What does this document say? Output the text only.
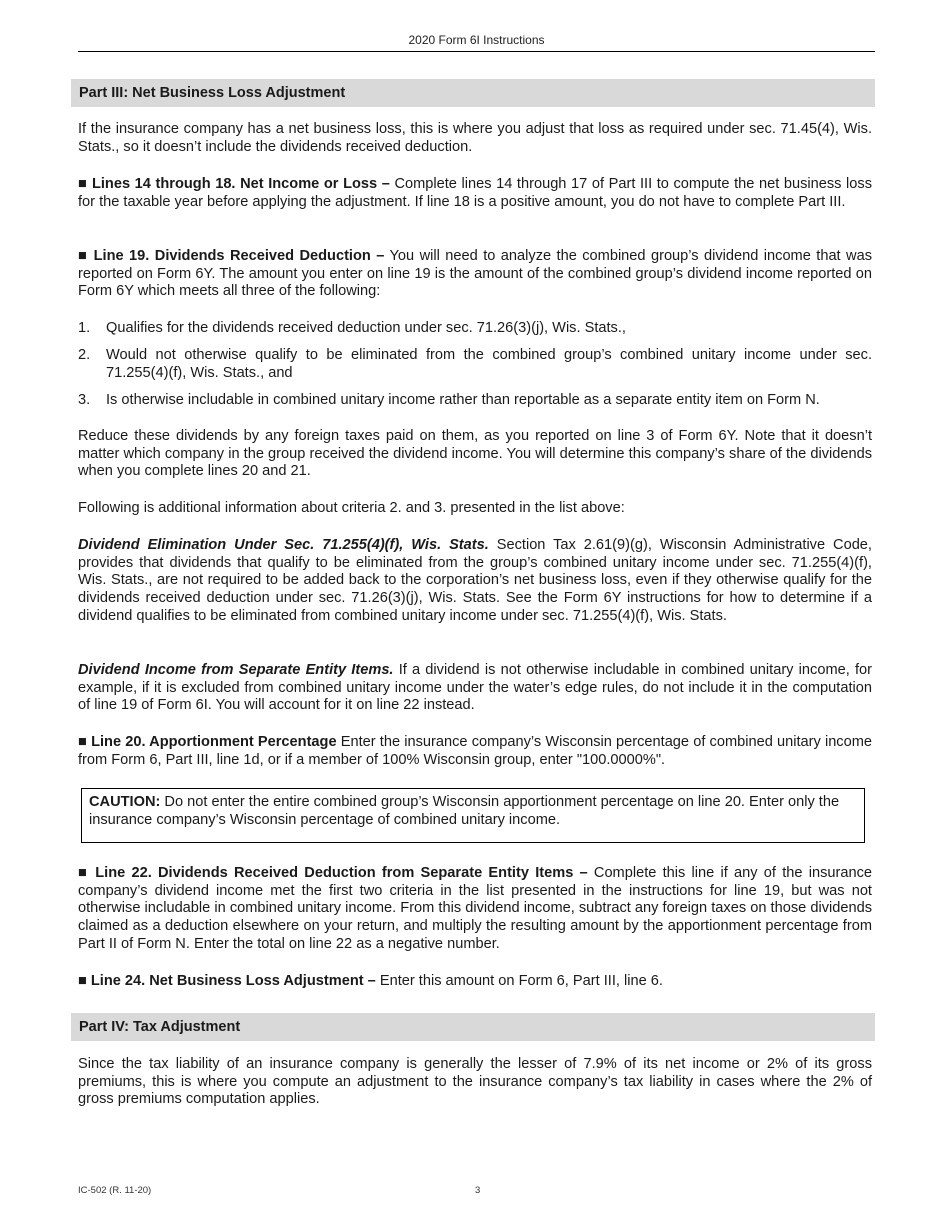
2020 Form 6I Instructions
Part III: Net Business Loss Adjustment

If the insurance company has a net business loss, this is where you adjust that loss as required under sec. 71.45(4), Wis. Stats., so it doesn’t include the dividends received deduction.

■ Lines 14 through 18. Net Income or Loss – Complete lines 14 through 17 of Part III to compute the net business loss for the taxable year before applying the adjustment. If line 18 is a positive amount, you do not have to complete Part III.

■ Line 19. Dividends Received Deduction – You will need to analyze the combined group’s dividend income that was reported on Form 6Y. The amount you enter on line 19 is the amount of the combined group’s dividend income reported on Form 6Y which meets all three of the following:

1. Qualifies for the dividends received deduction under sec. 71.26(3)(j), Wis. Stats.,
2. Would not otherwise qualify to be eliminated from the combined group’s combined unitary income under sec. 71.255(4)(f), Wis. Stats., and
3. Is otherwise includable in combined unitary income rather than reportable as a separate entity item on Form N.

Reduce these dividends by any foreign taxes paid on them, as you reported on line 3 of Form 6Y. Note that it doesn’t matter which company in the group received the dividend income. You will determine this company’s share of the dividends when you complete lines 20 and 21.

Following is additional information about criteria 2. and 3. presented in the list above:

Dividend Elimination Under Sec. 71.255(4)(f), Wis. Stats. Section Tax 2.61(9)(g), Wisconsin Administrative Code, provides that dividends that qualify to be eliminated from the group’s combined unitary income under sec. 71.255(4)(f), Wis. Stats., are not required to be added back to the corporation’s net business loss, even if they otherwise qualify for the dividends received deduction under sec. 71.26(3)(j), Wis. Stats. See the Form 6Y instructions for how to determine if a dividend qualifies to be eliminated from combined unitary income under sec. 71.255(4)(f), Wis. Stats.

Dividend Income from Separate Entity Items. If a dividend is not otherwise includable in combined unitary income, for example, if it is excluded from combined unitary income under the water’s edge rules, do not include it in the computation of line 19 of Form 6I. You will account for it on line 22 instead.

■ Line 20. Apportionment Percentage Enter the insurance company’s Wisconsin percentage of combined unitary income from Form 6, Part III, line 1d, or if a member of 100% Wisconsin group, enter "100.0000%".

CAUTION: Do not enter the entire combined group’s Wisconsin apportionment percentage on line 20. Enter only the insurance company’s Wisconsin percentage of combined unitary income.

■ Line 22. Dividends Received Deduction from Separate Entity Items – Complete this line if any of the insurance company’s dividend income met the first two criteria in the list presented in the instructions for line 19, but was not otherwise includable in combined unitary income. From this dividend income, subtract any foreign taxes on those dividends claimed as a deduction elsewhere on your return, and multiply the resulting amount by the apportionment percentage from Part II of Form N. Enter the total on line 22 as a negative number.

■ Line 24. Net Business Loss Adjustment – Enter this amount on Form 6, Part III, line 6.

Part IV: Tax Adjustment

Since the tax liability of an insurance company is generally the lesser of 7.9% of its net income or 2% of its gross premiums, this is where you compute an adjustment to the insurance company’s tax liability in cases where the 2% of gross premiums computation applies.

IC-502 (R. 11-20)	3
